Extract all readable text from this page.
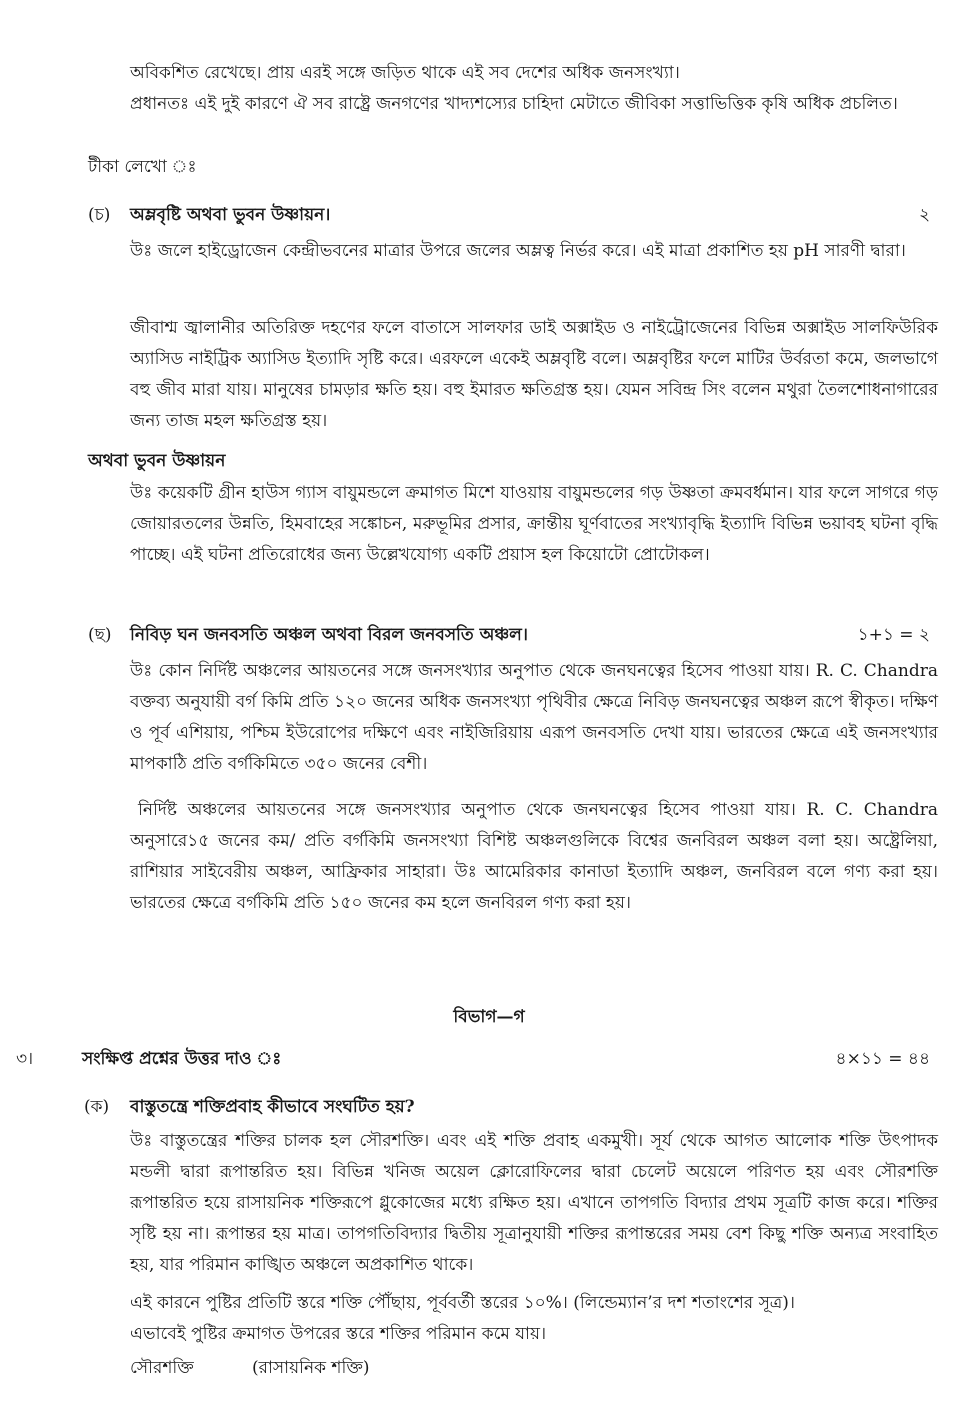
অবিকশিত রেখেছে। প্রায় এরই সঙ্গে জড়িত থাকে এই সব দেশের অধিক জনসংখ্যা।
প্রধানতঃ এই দুই কারণে ঐ সব রাষ্ট্রে জনগণের খাদ্যশস্যের চাহিদা মেটাতে জীবিকা সত্তাভিত্তিক কৃষি অধিক প্রচলিত।
টীকা লেখো ঃ
(চ) অম্লবৃষ্টি অথবা ভুবন উষ্ণায়ন।	২
উঃ জলে হাইড্রোজেন কেন্দ্রীভবনের মাত্রার উপরে জলের অম্লত্ব নির্ভর করে। এই মাত্রা প্রকাশিত হয় pH সারণী দ্বারা।
জীবাশ্ম জ্বালানীর অতিরিক্ত দহণের ফলে বাতাসে সালফার ডাই অক্সাইড ও নাইট্রোজেনের বিভিন্ন অক্সাইড সালফিউরিক অ্যাসিড নাইট্রিক অ্যাসিড ইত্যাদি সৃষ্টি করে। এরফলে একেই অম্লবৃষ্টি বলে। অম্লবৃষ্টির ফলে মাটির উর্বরতা কমে, জলভাগে বহু জীব মারা যায়। মানুষের চামড়ার ক্ষতি হয়। বহু ইমারত ক্ষতিগ্রস্ত হয়। যেমন সবিন্দ্র সিং বলেন মথুরা তৈলশোধনাগারের জন্য তাজ মহল ক্ষতিগ্রস্ত হয়।
অথবা ভুবন উষ্ণায়ন
উঃ কয়েকটি গ্রীন হাউস গ্যাস বায়ুমন্ডলে ক্রমাগত মিশে যাওয়ায় বায়ুমন্ডলের গড় উষ্ণতা ক্রমবর্ধমান। যার ফলে সাগরে গড় জোয়ারতলের উন্নতি, হিমবাহের সঙ্কোচন, মরুভূমির প্রসার, ক্রান্তীয় ঘূর্ণবাতের সংখ্যাবৃদ্ধি ইত্যাদি বিভিন্ন ভয়াবহ ঘটনা বৃদ্ধি পাচ্ছে। এই ঘটনা প্রতিরোধের জন্য উল্লেখযোগ্য একটি প্রয়াস হল কিয়োটো প্রোটোকল।
(ছ) নিবিড় ঘন জনবসতি অঞ্চল অথবা বিরল জনবসতি অঞ্চল।	১+১ = ২
উঃ কোন নির্দিষ্ট অঞ্চলের আয়তনের সঙ্গে জনসংখ্যার অনুপাত থেকে জনঘনত্বের হিসেব পাওয়া যায়। R. C. Chandra বক্তব্য অনুযায়ী বর্গ কিমি প্রতি ১২০ জনের অধিক জনসংখ্যা পৃথিবীর ক্ষেত্রে নিবিড় জনঘনত্বের অঞ্চল রূপে স্বীকৃত। দক্ষিণ ও পূর্ব এশিয়ায়, পশ্চিম ইউরোপের দক্ষিণে এবং নাইজিরিয়ায় এরূপ জনবসতি দেখা যায়। ভারতের ক্ষেত্রে এই জনসংখ্যার মাপকাঠি প্রতি বর্গকিমিতে ৩৫০ জনের বেশী।
নির্দিষ্ট অঞ্চলের আয়তনের সঙ্গে জনসংখ্যার অনুপাত থেকে জনঘনত্বের হিসেব পাওয়া যায়। R. C. Chandra অনুসারে১৫ জনের কম/ প্রতি বর্গকিমি জনসংখ্যা বিশিষ্ট অঞ্চলগুলিকে বিশ্বের জনবিরল অঞ্চল বলা হয়। অষ্ট্রেলিয়া, রাশিয়ার সাইবেরীয় অঞ্চল, আফ্রিকার সাহারা। উঃ আমেরিকার কানাডা ইত্যাদি অঞ্চল, জনবিরল বলে গণ্য করা হয়। ভারতের ক্ষেত্রে বর্গকিমি প্রতি ১৫০ জনের কম হলে জনবিরল গণ্য করা হয়।
বিভাগ—গ
৩।	সংক্ষিপ্ত প্রশ্নের উত্তর দাও ঃ	৪×১১ = ৪৪
(ক) বাস্তুতন্ত্রে শক্তিপ্রবাহ কীভাবে সংঘটিত হয়?
উঃ বাস্তুতন্ত্রের শক্তির চালক হল সৌরশক্তি। এবং এই শক্তি প্রবাহ একমুখী। সূর্য থেকে আগত আলোক শক্তি উৎপাদক মন্ডলী দ্বারা রূপান্তরিত হয়। বিভিন্ন খনিজ অয়েল ক্লোরোফিলের দ্বারা চেলেট অয়েলে পরিণত হয় এবং সৌরশক্তি রূপান্তরিত হয়ে রাসায়নিক শক্তিরূপে গ্লুকোজের মধ্যে রক্ষিত হয়। এখানে তাপগতি বিদ্যার প্রথম সূত্রটি কাজ করে। শক্তির সৃষ্টি হয় না। রূপান্তর হয় মাত্র। তাপগতিবিদ্যার দ্বিতীয় সূত্রানুযায়ী শক্তির রূপান্তরের সময় বেশ কিছু শক্তি অন্যত্র সংবাহিত হয়, যার পরিমান কাঙ্খিত অঞ্চলে অপ্রকাশিত থাকে।
এই কারনে পুষ্টির প্রতিটি স্তরে শক্তি পৌঁছায়, পূর্ববর্তী স্তরের ১০%। (লিন্ডেম্যান’র দশ শতাংশের সূত্র)।
এভাবেই পুষ্টির ক্রমাগত উপরের স্তরে শক্তির পরিমান কমে যায়।
সৌরশক্তি	(রাসায়নিক শক্তি)
